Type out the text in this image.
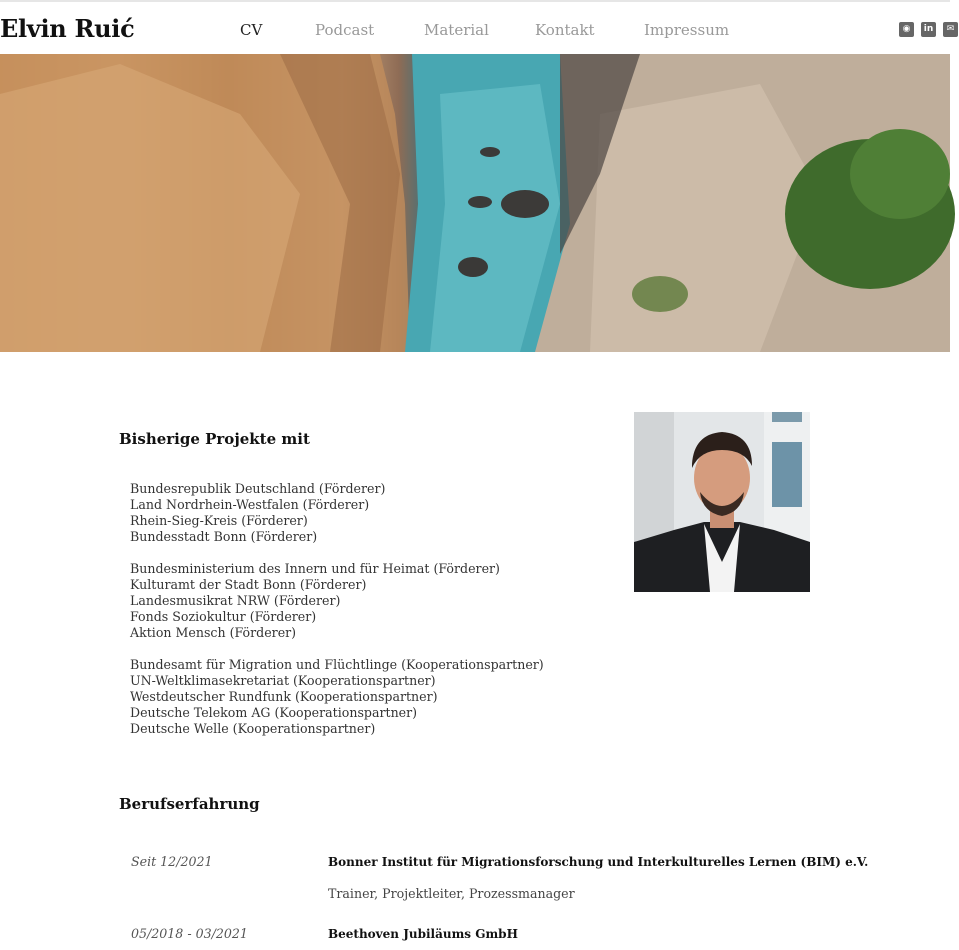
Elvin Ruić	CV	Podcast	Material	Kontakt	Impressum	◉	in	✉
Bisherige Projekte mit
Bundesrepublik Deutschland (Förderer)
Land Nordrhein-Westfalen (Förderer)
Rhein-Sieg-Kreis (Förderer)
Bundesstadt Bonn (Förderer)
Bundesministerium des Innern und für Heimat (Förderer)
Kulturamt der Stadt Bonn (Förderer)
Landesmusikrat NRW (Förderer)
Fonds Soziokultur (Förderer)
Aktion Mensch (Förderer)
Bundesamt für Migration und Flüchtlinge (Kooperationspartner)
UN-Weltklimasekretariat (Kooperationspartner)
Westdeutscher Rundfunk (Kooperationspartner)
Deutsche Telekom AG (Kooperationspartner)
Deutsche Welle (Kooperationspartner)
Berufserfahrung
Seit 12/2021	Bonner Institut für Migrationsforschung und Interkulturelles Lernen (BIM) e.V.
Trainer, Projektleiter, Prozessmanager
05/2018 - 03/2021	Beethoven Jubiläums GmbH
